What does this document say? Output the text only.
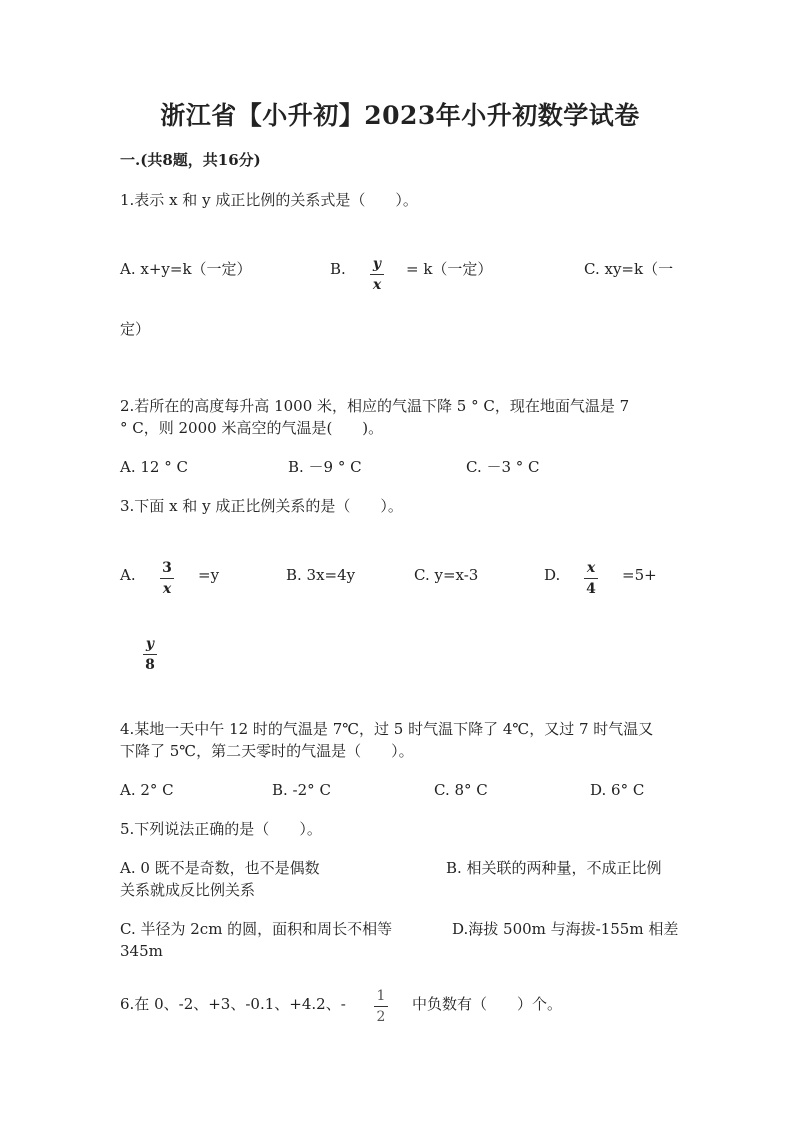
浙江省【小升初】2023年小升初数学试卷
一.(共8题，共16分)
1.表示 x 和 y 成正比例的关系式是（　　）。
A. x+y=k（一定）	B. y
x
= k（一定）	C. xy=k（一
定）
2.若所在的高度每升高 1000 米，相应的气温下降 5 ° C，现在地面气温是 7
° C，则 2000 米高空的气温是(　　)。
A. 12 ° C	B. －9 ° C	C. －3 ° C
3.下面 x 和 y 成正比例关系的是（　　）。
A. 3
x
=y	B. 3x=4y	C. y=x-3	D. x
4
=5+
y
8
4.某地一天中午 12 时的气温是 7℃，过 5 时气温下降了 4℃，又过 7 时气温又
下降了 5℃，第二天零时的气温是（　　）。
A. 2° C	B. -2° C	C. 8° C	D. 6° C
5.下列说法正确的是（　　）。
A. 0 既不是奇数，也不是偶数	B. 相关联的两种量，不成正比例
关系就成反比例关系
C. 半径为 2cm 的圆，面积和周长不相等	D.海拔 500m 与海拔-155m 相差
345m
6.在 0、-2、+3、-0.1、+4.2、- 1
2
中负数有（　　）个。
